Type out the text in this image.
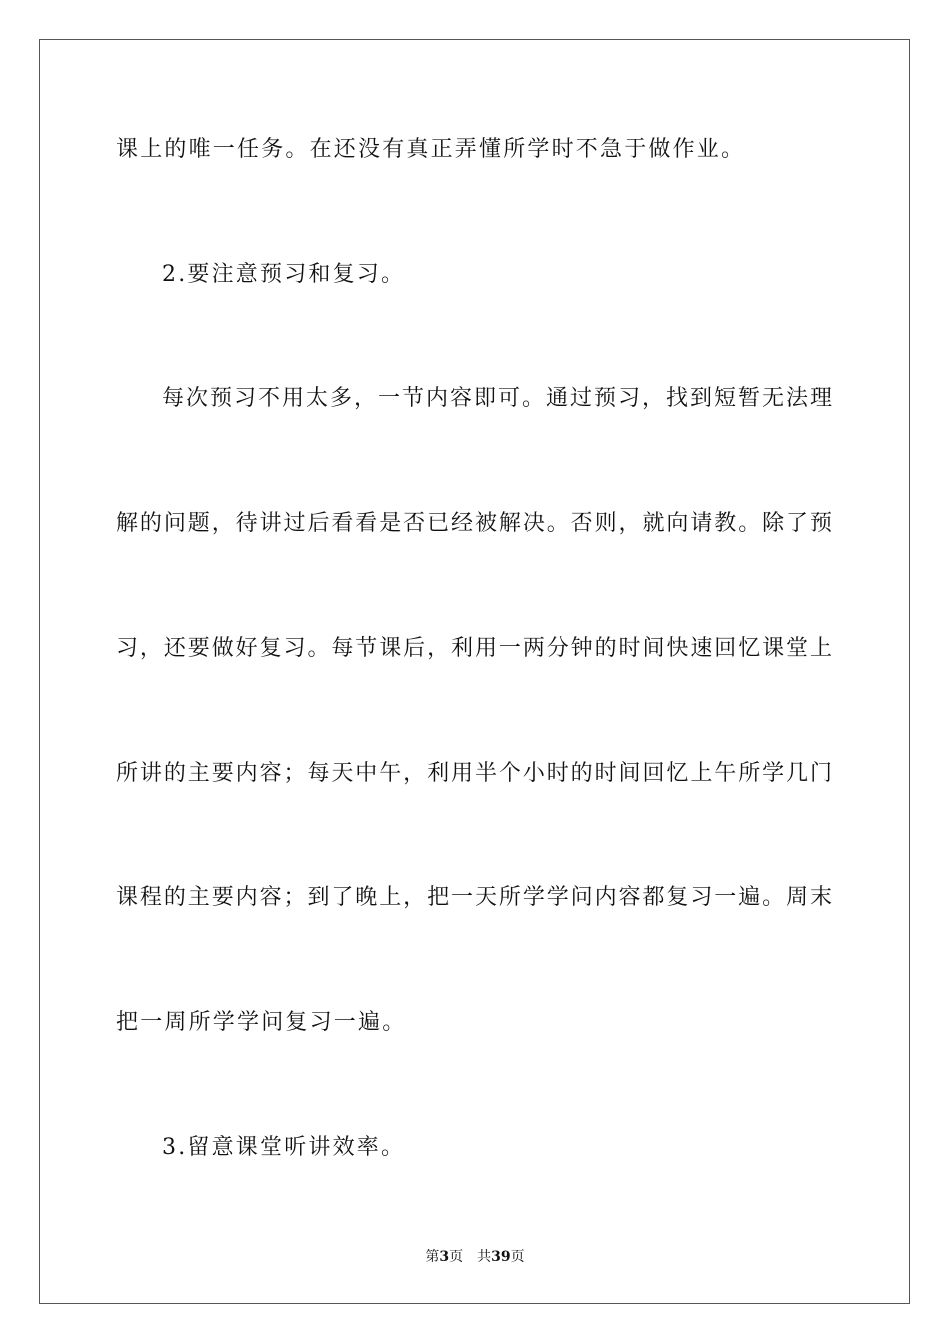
课上的唯一任务。在还没有真正弄懂所学时不急于做作业。
2.要注意预习和复习。
每次预习不用太多，一节内容即可。通过预习，找到短暂无法理
解的问题，待讲过后看看是否已经被解决。否则，就向请教。除了预
习，还要做好复习。每节课后，利用一两分钟的时间快速回忆课堂上
所讲的主要内容；每天中午，利用半个小时的时间回忆上午所学几门
课程的主要内容；到了晚上，把一天所学学问内容都复习一遍。周末
把一周所学学问复习一遍。
3.留意课堂听讲效率。
第3页 共39页
